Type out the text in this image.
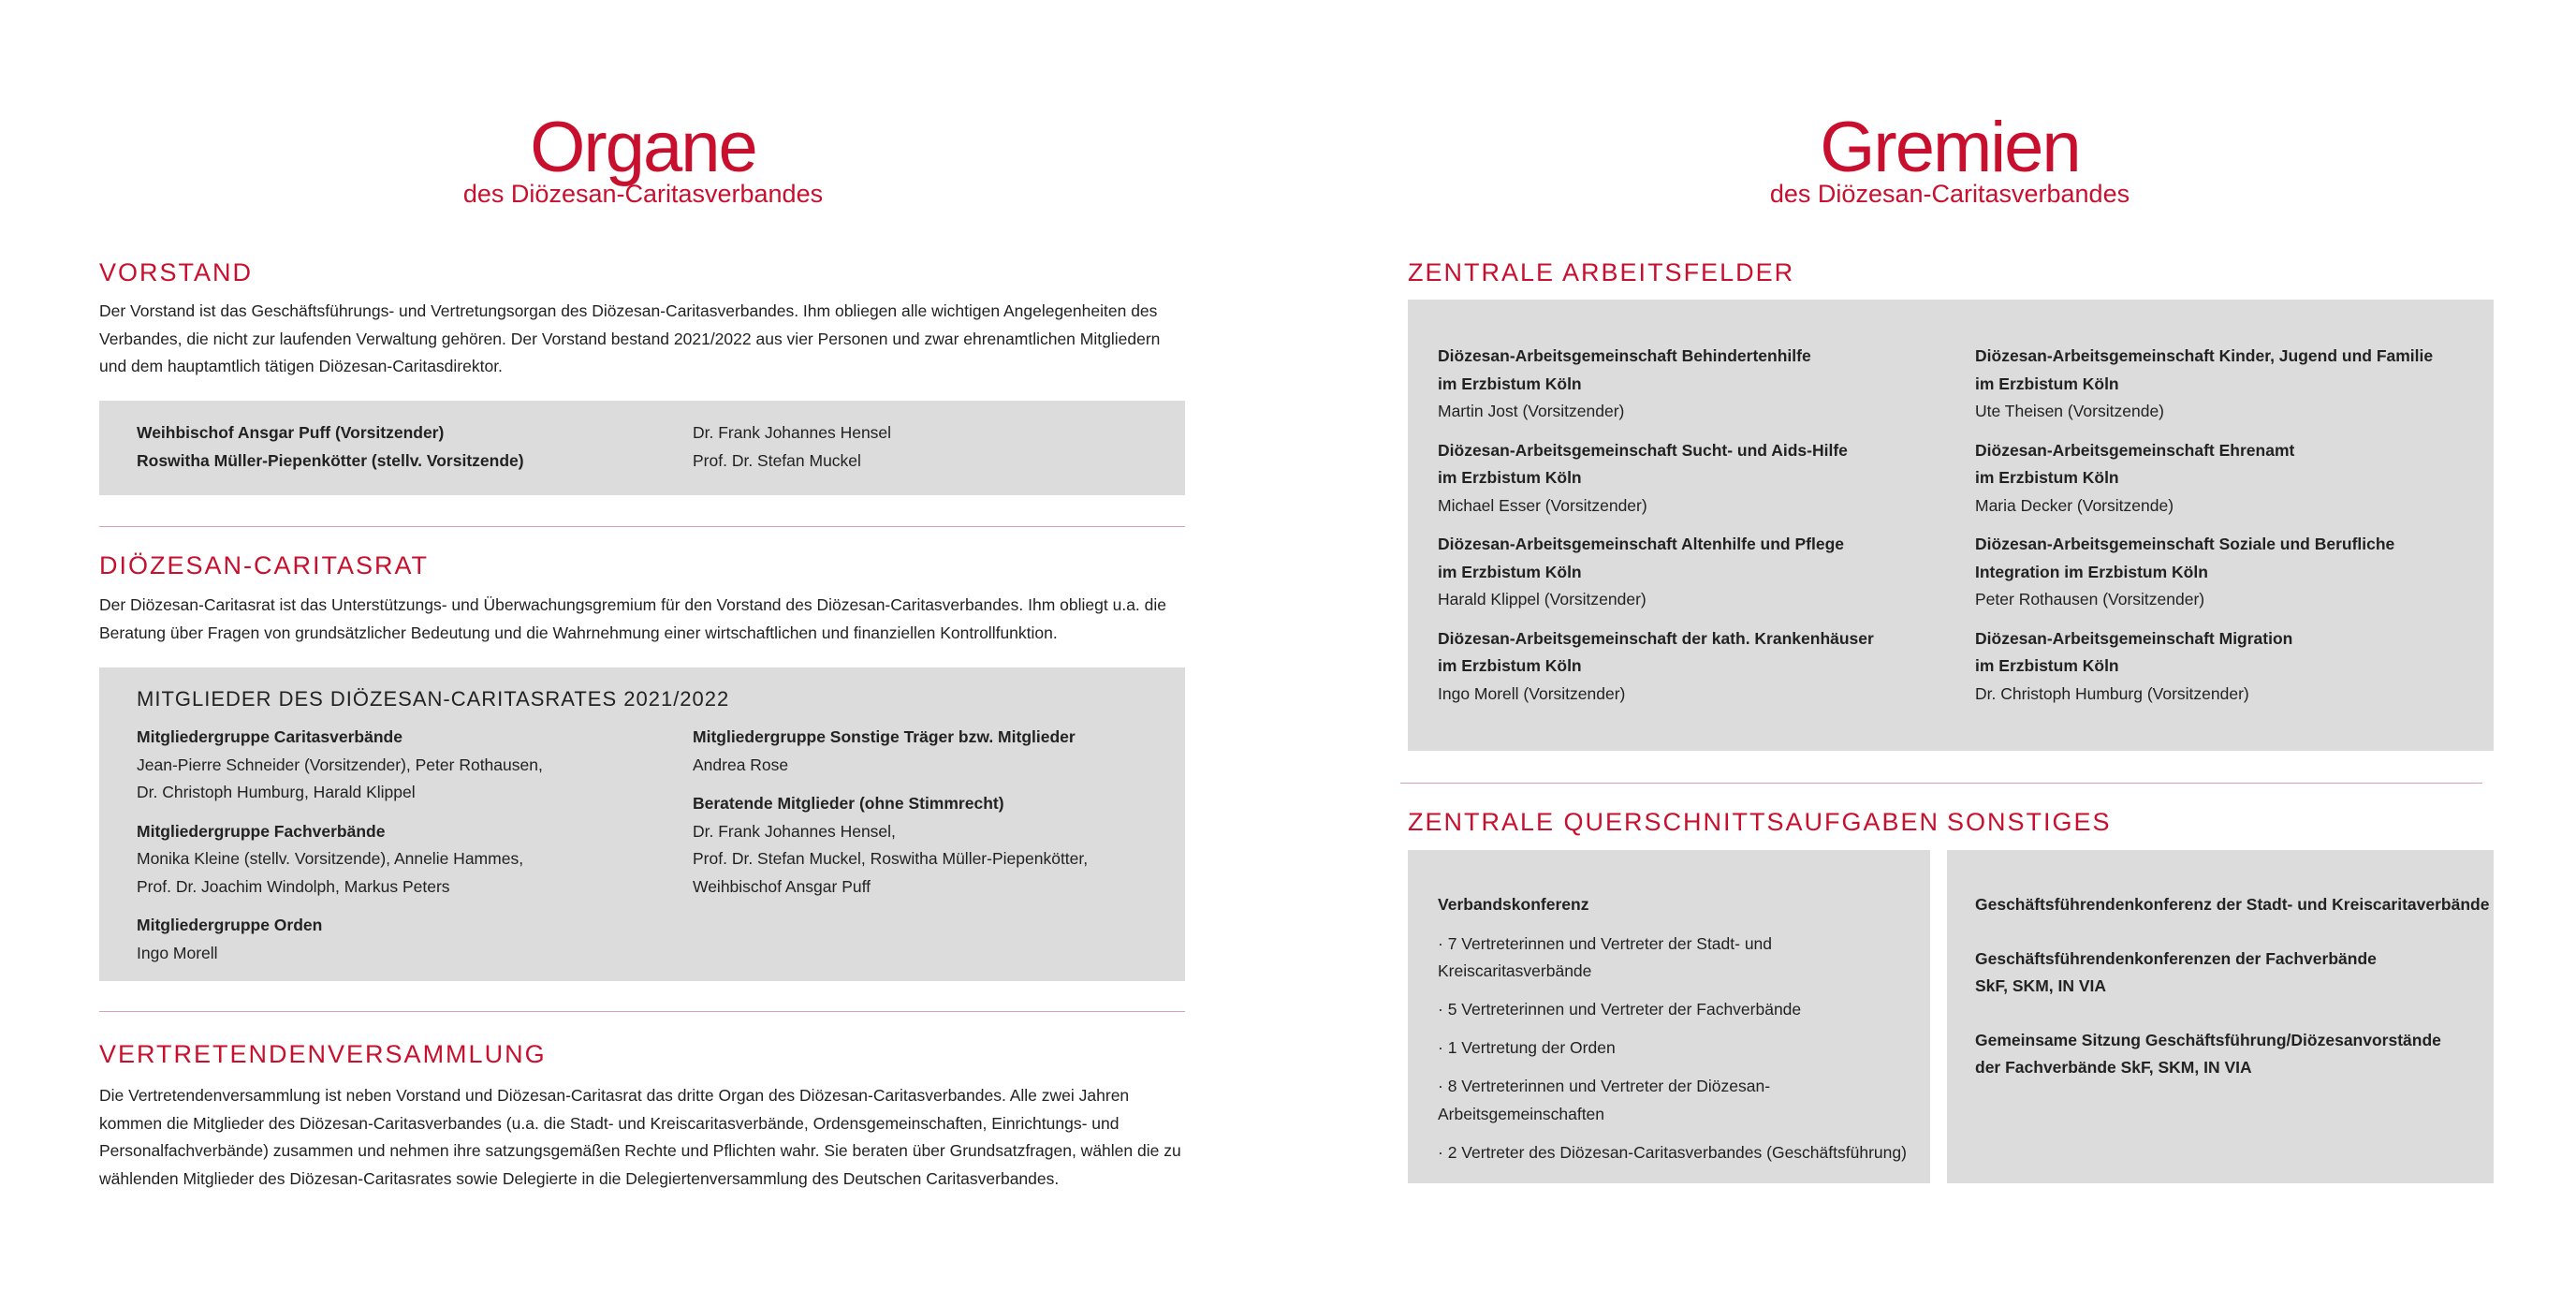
Organe
des Diözesan-Caritasverbandes
VORSTAND

Der Vorstand ist das Geschäftsführungs- und Vertretungsorgan des Diözesan-Caritasverbandes. Ihm obliegen alle wichtigen Angelegenheiten des Verbandes, die nicht zur laufenden Verwaltung gehören. Der Vorstand bestand 2021/2022 aus vier Personen und zwar ehrenamtlichen Mitgliedern und dem hauptamtlich tätigen Diözesan-Caritasdirektor.

Weihbischof Ansgar Puff (Vorsitzender)
Roswitha Müller-Piepenkötter (stellv. Vorsitzende)
Dr. Frank Johannes Hensel
Prof. Dr. Stefan Muckel
DIÖZESAN-CARITASRAT

Der Diözesan-Caritasrat ist das Unterstützungs- und Überwachungsgremium für den Vorstand des Diözesan-Caritasverbandes. Ihm obliegt u.a. die Beratung über Fragen von grundsätzlicher Bedeutung und die Wahrnehmung einer wirtschaftlichen und finanziellen Kontrollfunktion.

MITGLIEDER DES DIÖZESAN-CARITASRATES 2021/2022
Mitgliedergruppe Caritasverbände
Jean-Pierre Schneider (Vorsitzender), Peter Rothausen,
Dr. Christoph Humburg, Harald Klippel
Mitgliedergruppe Fachverbände
Monika Kleine (stellv. Vorsitzende), Annelie Hammes,
Prof. Dr. Joachim Windolph, Markus Peters
Mitgliedergruppe Orden
Ingo Morell
Mitgliedergruppe Sonstige Träger bzw. Mitglieder
Andrea Rose
Beratende Mitglieder (ohne Stimmrecht)
Dr. Frank Johannes Hensel,
Prof. Dr. Stefan Muckel, Roswitha Müller-Piepenkötter,
Weihbischof Ansgar Puff
VERTRETENDENVERSAMMLUNG

Die Vertretendenversammlung ist neben Vorstand und Diözesan-Caritasrat das dritte Organ des Diözesan-Caritasverbandes. Alle zwei Jahren kommen die Mitglieder des Diözesan-Caritasverbandes (u.a. die Stadt- und Kreiscaritasverbände, Ordensgemeinschaften, Einrichtungs- und Personalfachverbände) zusammen und nehmen ihre satzungsgemäßen Rechte und Pflichten wahr. Sie beraten über Grundsatzfragen, wählen die zu wählenden Mitglieder des Diözesan-Caritasrates sowie Delegierte in die Delegiertenversammlung des Deutschen Caritasverbandes.

Gremien
des Diözesan-Caritasverbandes
ZENTRALE ARBEITSFELDER
Diözesan-Arbeitsgemeinschaft Behindertenhilfe
im Erzbistum Köln
Martin Jost (Vorsitzender)
Diözesan-Arbeitsgemeinschaft Sucht- und Aids-Hilfe
im Erzbistum Köln
Michael Esser (Vorsitzender)
Diözesan-Arbeitsgemeinschaft Altenhilfe und Pflege
im Erzbistum Köln
Harald Klippel (Vorsitzender)
Diözesan-Arbeitsgemeinschaft der kath. Krankenhäuser
im Erzbistum Köln
Ingo Morell (Vorsitzender)
Diözesan-Arbeitsgemeinschaft Kinder, Jugend und Familie
im Erzbistum Köln
Ute Theisen (Vorsitzende)
Diözesan-Arbeitsgemeinschaft Ehrenamt
im Erzbistum Köln
Maria Decker (Vorsitzende)
Diözesan-Arbeitsgemeinschaft Soziale und Berufliche
Integration im Erzbistum Köln
Peter Rothausen (Vorsitzender)
Diözesan-Arbeitsgemeinschaft Migration
im Erzbistum Köln
Dr. Christoph Humburg (Vorsitzender)
ZENTRALE QUERSCHNITTSAUFGABEN
Verbandskonferenz
· 7 Vertreterinnen und Vertreter der Stadt- und Kreiscaritasverbände
· 5 Vertreterinnen und Vertreter der Fachverbände
· 1 Vertretung der Orden
· 8 Vertreterinnen und Vertreter der Diözesan-Arbeitsgemeinschaften
· 2 Vertreter des Diözesan-Caritasverbandes (Geschäftsführung)
SONSTIGES
Geschäftsführendenkonferenz der Stadt- und Kreiscaritaverbände
Geschäftsführendenkonferenzen der Fachverbände
SkF, SKM, IN VIA
Gemeinsame Sitzung Geschäftsführung/Diözesanvorstände
der Fachverbände SkF, SKM, IN VIA
